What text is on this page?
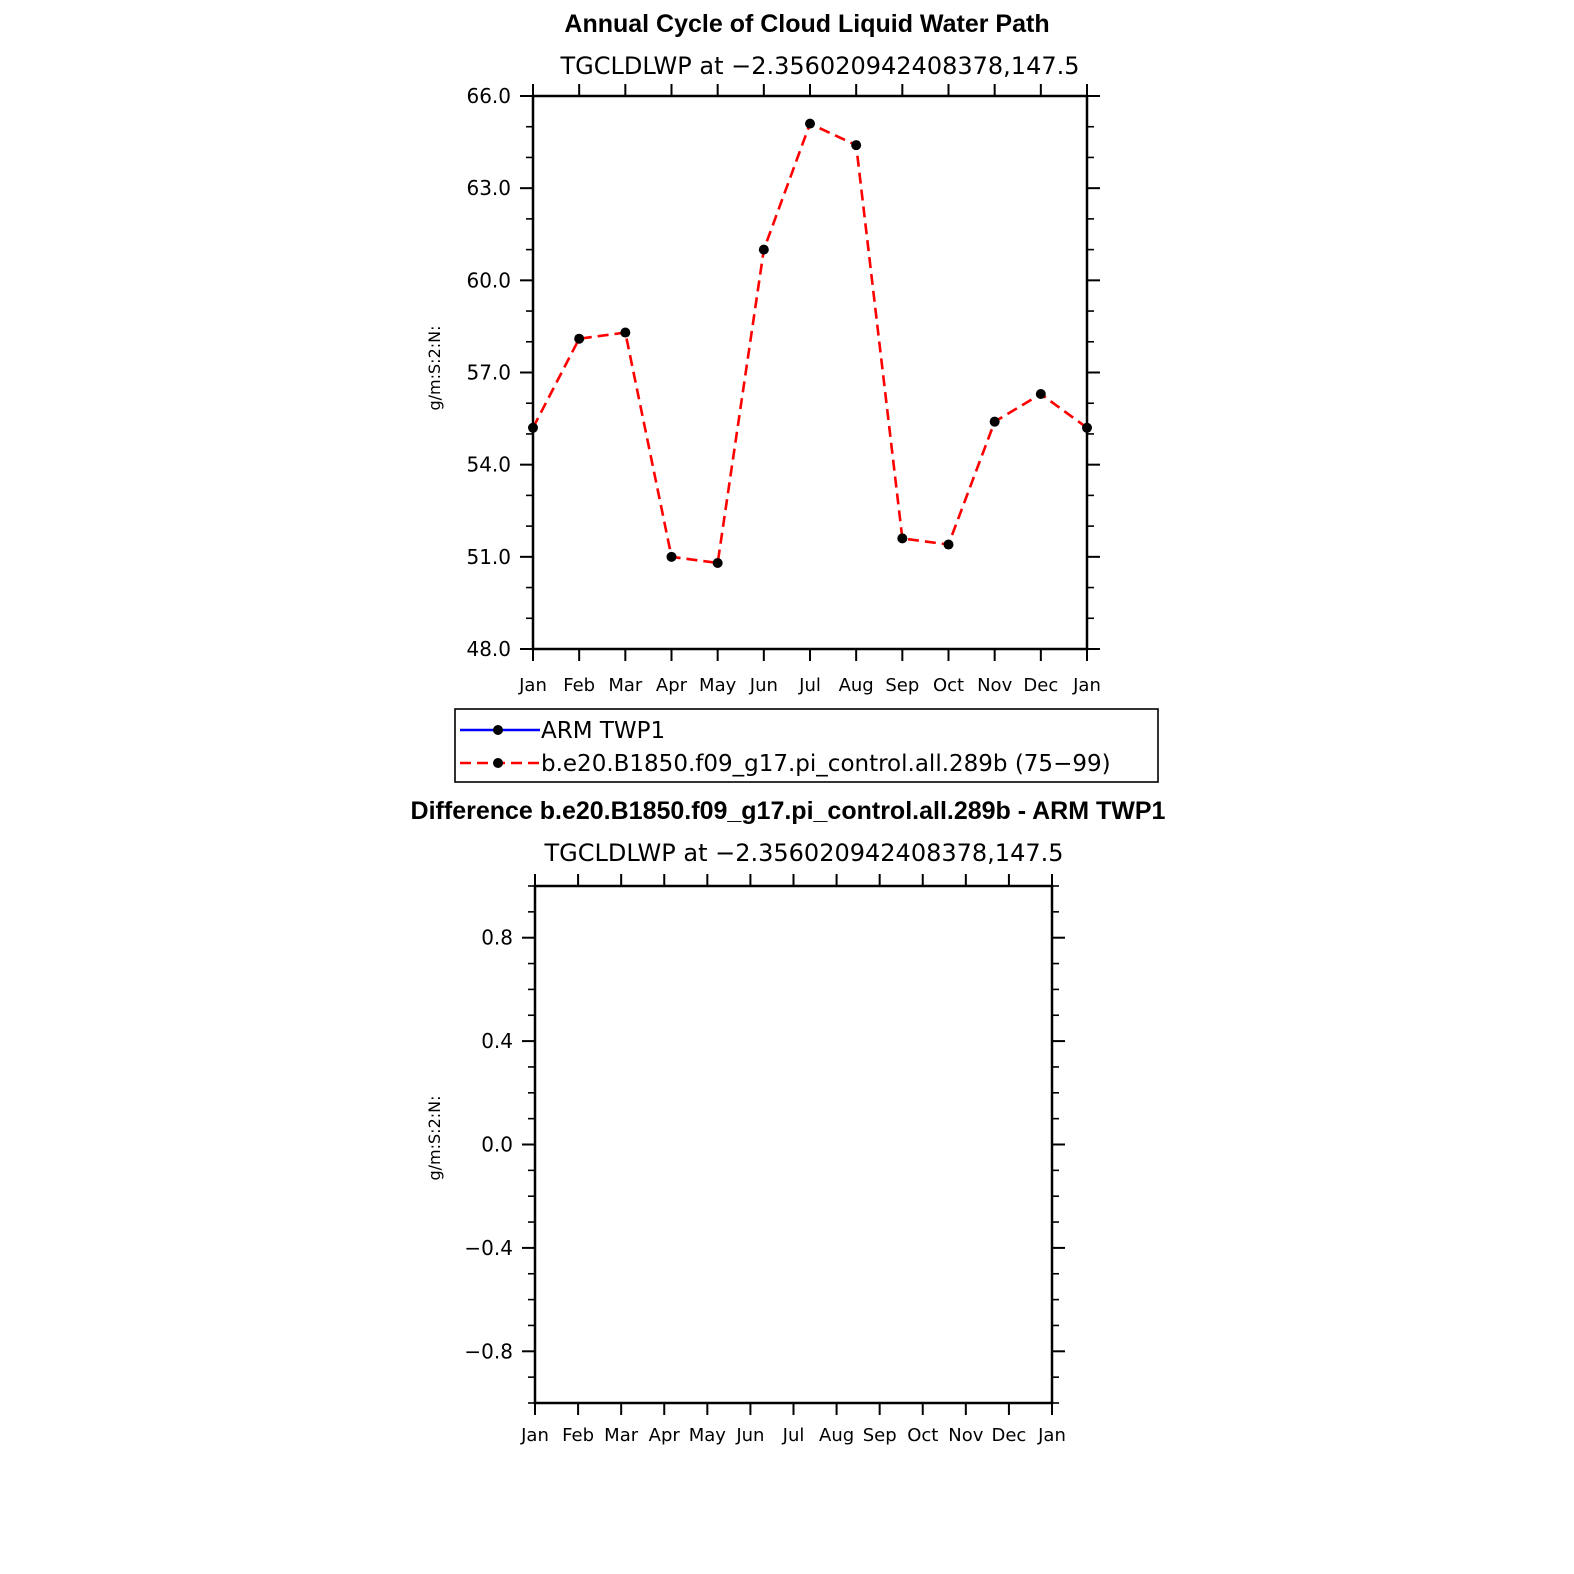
Annual Cycle of Cloud Liquid Water Path
TGCLDLWP at −2.356020942408378,147.5
Jan Feb Mar Apr May Jun Jul Aug Sep Oct Nov Dec Jan
48.0
51.0
54.0
57.0
60.0
63.0
66.0
g/m:S:2:N:
ARM TWP1
b.e20.B1850.f09_g17.pi_control.all.289b (75−99)
Difference b.e20.B1850.f09_g17.pi_control.all.289b - ARM TWP1
TGCLDLWP at −2.356020942408378,147.5
Jan Feb Mar Apr May Jun Jul Aug Sep Oct Nov Dec Jan
−0.8
−0.4
0.0
0.4
0.8
g/m:S:2:N:
